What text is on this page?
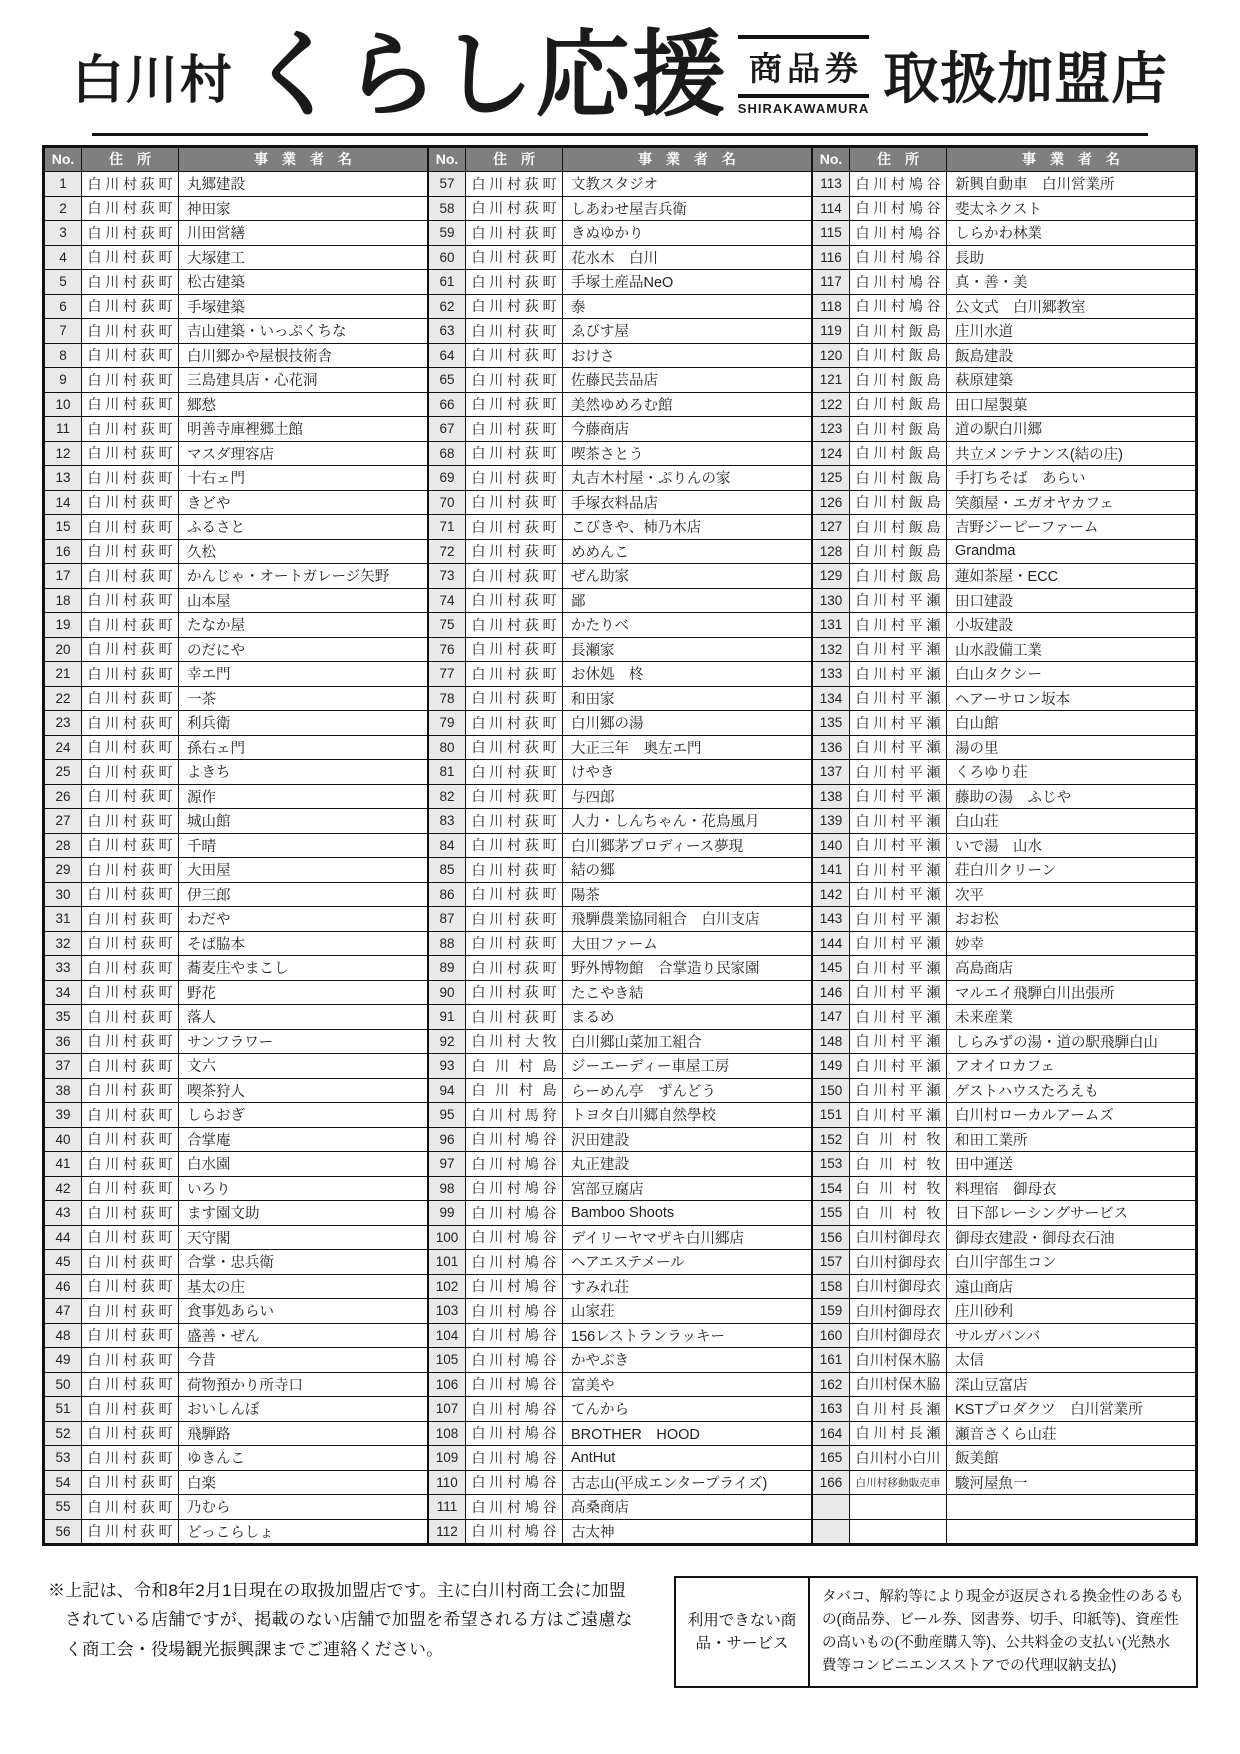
白川村 くらし応援 商品券
SHIRAKAWAMURA 取扱加盟店
No.	住　所	事　業　者　名
1	白川村荻町	丸郷建設
2	白川村荻町	神田家
3	白川村荻町	川田営繕
4	白川村荻町	大塚建工
5	白川村荻町	松古建築
6	白川村荻町	手塚建築
7	白川村荻町	吉山建築・いっぷくちな
8	白川村荻町	白川郷かや屋根技術舎
9	白川村荻町	三島建具店・心花洞
10	白川村荻町	郷愁
11	白川村荻町	明善寺庫裡郷土館
12	白川村荻町	マスダ理容店
13	白川村荻町	十右ェ門
14	白川村荻町	きどや
15	白川村荻町	ふるさと
16	白川村荻町	久松
17	白川村荻町	かんじゃ・オートガレージ矢野
18	白川村荻町	山本屋
19	白川村荻町	たなか屋
20	白川村荻町	のだにや
21	白川村荻町	幸エ門
22	白川村荻町	一茶
23	白川村荻町	利兵衛
24	白川村荻町	孫右ェ門
25	白川村荻町	よきち
26	白川村荻町	源作
27	白川村荻町	城山館
28	白川村荻町	千晴
29	白川村荻町	大田屋
30	白川村荻町	伊三郎
31	白川村荻町	わだや
32	白川村荻町	そば脇本
33	白川村荻町	蕎麦庄やまこし
34	白川村荻町	野花
35	白川村荻町	落人
36	白川村荻町	サンフラワー
37	白川村荻町	文六
38	白川村荻町	喫茶狩人
39	白川村荻町	しらおぎ
40	白川村荻町	合掌庵
41	白川村荻町	白水園
42	白川村荻町	いろり
43	白川村荻町	ます園文助
44	白川村荻町	天守閣
45	白川村荻町	合掌・忠兵衛
46	白川村荻町	基太の庄
47	白川村荻町	食事処あらい
48	白川村荻町	盛善・ぜん
49	白川村荻町	今昔
50	白川村荻町	荷物預かり所寺口
51	白川村荻町	おいしんぼ
52	白川村荻町	飛騨路
53	白川村荻町	ゆきんこ
54	白川村荻町	白楽
55	白川村荻町	乃むら
56	白川村荻町	どっこらしょ
No.	住　所	事　業　者　名
57	白川村荻町	文教スタジオ
58	白川村荻町	しあわせ屋吉兵衛
59	白川村荻町	きぬゆかり
60	白川村荻町	花水木　白川
61	白川村荻町	手塚土産品NeO
62	白川村荻町	泰
63	白川村荻町	ゑびす屋
64	白川村荻町	おけさ
65	白川村荻町	佐藤民芸品店
66	白川村荻町	美然ゆめろむ館
67	白川村荻町	今藤商店
68	白川村荻町	喫茶さとう
69	白川村荻町	丸吉木村屋・ぷりんの家
70	白川村荻町	手塚衣料品店
71	白川村荻町	こびきや、柿乃木店
72	白川村荻町	めめんこ
73	白川村荻町	ぜん助家
74	白川村荻町	鄙
75	白川村荻町	かたりべ
76	白川村荻町	長瀬家
77	白川村荻町	お休処　柊
78	白川村荻町	和田家
79	白川村荻町	白川郷の湯
80	白川村荻町	大正三年　奥左エ門
81	白川村荻町	けやき
82	白川村荻町	与四郎
83	白川村荻町	人力・しんちゃん・花鳥風月
84	白川村荻町	白川郷茅プロディース夢現
85	白川村荻町	結の郷
86	白川村荻町	陽茶
87	白川村荻町	飛騨農業協同組合　白川支店
88	白川村荻町	大田ファーム
89	白川村荻町	野外博物館　合掌造り民家園
90	白川村荻町	たこやき結
91	白川村荻町	まるめ
92	白川村大牧	白川郷山菜加工組合
93	白川村島	ジーエーディー車屋工房
94	白川村島	らーめん亭　ずんどう
95	白川村馬狩	トヨタ白川郷自然學校
96	白川村鳩谷	沢田建設
97	白川村鳩谷	丸正建設
98	白川村鳩谷	宮部豆腐店
99	白川村鳩谷	Bamboo Shoots
100	白川村鳩谷	デイリーヤマザキ白川郷店
101	白川村鳩谷	ヘアエステメール
102	白川村鳩谷	すみれ荘
103	白川村鳩谷	山家荘
104	白川村鳩谷	156レストランラッキー
105	白川村鳩谷	かやぶき
106	白川村鳩谷	富美や
107	白川村鳩谷	てんから
108	白川村鳩谷	BROTHER　HOOD
109	白川村鳩谷	AntHut
110	白川村鳩谷	古志山(平成エンタープライズ)
111	白川村鳩谷	高桑商店
112	白川村鳩谷	古太神
No.	住　所	事　業　者　名
113	白川村鳩谷	新興自動車　白川営業所
114	白川村鳩谷	斐太ネクスト
115	白川村鳩谷	しらかわ林業
116	白川村鳩谷	長助
117	白川村鳩谷	真・善・美
118	白川村鳩谷	公文式　白川郷教室
119	白川村飯島	庄川水道
120	白川村飯島	飯島建設
121	白川村飯島	萩原建築
122	白川村飯島	田口屋製菓
123	白川村飯島	道の駅白川郷
124	白川村飯島	共立メンテナンス(結の庄)
125	白川村飯島	手打ちそば　あらい
126	白川村飯島	笑顔屋・エガオヤカフェ
127	白川村飯島	吉野ジーピーファーム
128	白川村飯島	Grandma
129	白川村飯島	蓮如茶屋・ECC
130	白川村平瀬	田口建設
131	白川村平瀬	小坂建設
132	白川村平瀬	山水設備工業
133	白川村平瀬	白山タクシー
134	白川村平瀬	ヘアーサロン坂本
135	白川村平瀬	白山館
136	白川村平瀬	湯の里
137	白川村平瀬	くろゆり荘
138	白川村平瀬	藤助の湯　ふじや
139	白川村平瀬	白山荘
140	白川村平瀬	いで湯　山水
141	白川村平瀬	荘白川クリーン
142	白川村平瀬	次平
143	白川村平瀬	おお松
144	白川村平瀬	妙幸
145	白川村平瀬	高島商店
146	白川村平瀬	マルエイ飛騨白川出張所
147	白川村平瀬	未来産業
148	白川村平瀬	しらみずの湯・道の駅飛騨白山
149	白川村平瀬	アオイロカフェ
150	白川村平瀬	ゲストハウスたろえも
151	白川村平瀬	白川村ローカルアームズ
152	白川村牧	和田工業所
153	白川村牧	田中運送
154	白川村牧	料理宿　御母衣
155	白川村牧	日下部レーシングサービス
156	白川村御母衣	御母衣建設・御母衣石油
157	白川村御母衣	白川宇部生コン
158	白川村御母衣	遠山商店
159	白川村御母衣	庄川砂利
160	白川村御母衣	サルガバンバ
161	白川村保木脇	太信
162	白川村保木脇	深山豆富店
163	白川村長瀬	KSTプロダクツ　白川営業所
164	白川村長瀬	瀬音さくら山荘
165	白川村小白川	飯美館
166	白川村移動販売車	駿河屋魚一

※上記は、令和8年2月1日現在の取扱加盟店です。主に白川村商工会に加盟されている店舗ですが、掲載のない店舗で加盟を希望される方はご遠慮なく商工会・役場観光振興課までご連絡ください。

利用できない商品・サービス
タバコ、解約等により現金が返戻される換金性のあるもの(商品券、ビール券、図書券、切手、印紙等)、資産性の高いもの(不動産購入等)、公共料金の支払い(光熱水費等コンビニエンスストアでの代理収納支払)
